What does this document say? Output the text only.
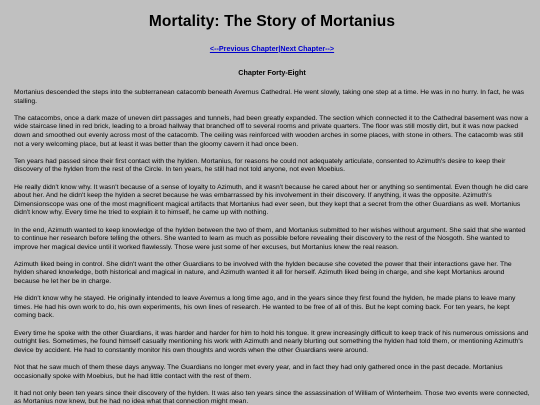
Mortality: The Story of Mortanius
<--Previous Chapter|Next Chapter-->
Chapter Forty-Eight

Mortanius descended the steps into the subterranean catacomb beneath Avernus Cathedral. He went slowly, taking one step at a time. He was in no hurry. In fact, he was stalling.

The catacombs, once a dark maze of uneven dirt passages and tunnels, had been greatly expanded. The section which connected it to the Cathedral basement was now a wide staircase lined in red brick, leading to a broad hallway that branched off to several rooms and private quarters. The floor was still mostly dirt, but it was now packed down and smoothed out evenly across most of the catacomb. The ceiling was reinforced with wooden arches in some places, with stone in others. The catacomb was still not a very welcoming place, but at least it was better than the gloomy cavern it had once been.

Ten years had passed since their first contact with the hylden. Mortanius, for reasons he could not adequately articulate, consented to Azimuth's desire to keep their discovery of the hylden from the rest of the Circle. In ten years, he still had not told anyone, not even Moebius.

He really didn't know why. It wasn't because of a sense of loyalty to Azimuth, and it wasn't because he cared about her or anything so sentimental. Even though he did care about her. And he didn't keep the hylden a secret because he was embarrassed by his involvement in their discovery. If anything, it was the opposite. Azimuth's Dimensionscope was one of the most magnificent magical artifacts that Mortanius had ever seen, but they kept that a secret from the other Guardians as well. Mortanius didn't know why. Every time he tried to explain it to himself, he came up with nothing.

In the end, Azimuth wanted to keep knowledge of the hylden between the two of them, and Mortanius submitted to her wishes without argument. She said that she wanted to continue her research before telling the others. She wanted to learn as much as possible before revealing their discovery to the rest of the Nosgoth. She wanted to improve her magical device until it worked flawlessly. Those were just some of her excuses, but Mortanius knew the real reason.

Azimuth liked being in control. She didn't want the other Guardians to be involved with the hylden because she coveted the power that their interactions gave her. The hylden shared knowledge, both historical and magical in nature, and Azimuth wanted it all for herself. Azimuth liked being in charge, and she kept Mortanius around because he let her be in charge.

He didn't know why he stayed. He originally intended to leave Avernus a long time ago, and in the years since they first found the hylden, he made plans to leave many times. He had his own work to do, his own experiments, his own lines of research. He wanted to be free of all of this. But he kept coming back. For ten years, he kept coming back.

Every time he spoke with the other Guardians, it was harder and harder for him to hold his tongue. It grew increasingly difficult to keep track of his numerous omissions and outright lies. Sometimes, he found himself casually mentioning his work with Azimuth and nearly blurting out something the hylden had told them, or mentioning Azimuth's device by accident. He had to constantly monitor his own thoughts and words when the other Guardians were around.

Not that he saw much of them these days anyway. The Guardians no longer met every year, and in fact they had only gathered once in the past decade. Mortanius occasionally spoke with Moebius, but he had little contact with the rest of them.

It had not only been ten years since their discovery of the hylden. It was also ten years since the assassination of William of Winterheim. Those two events were connected, as Mortanius now knew, but he had no idea what that connection might mean.
